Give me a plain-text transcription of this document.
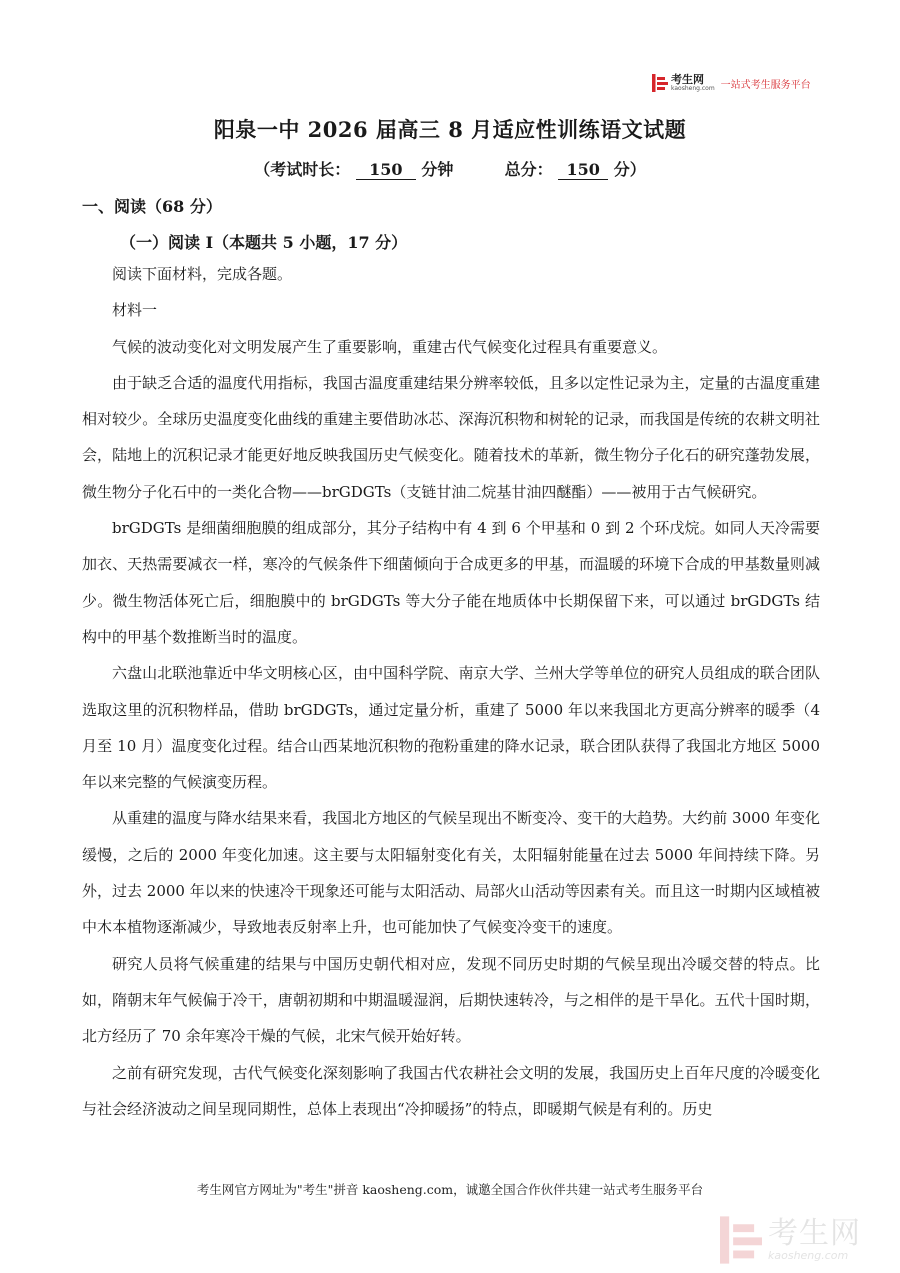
考生网
kaosheng.com 一站式考生服务平台
阳泉一中 2026 届高三 8 月适应性训练语文试题
（考试时长： 150 分钟	总分： 150 分）
一、阅读（68 分）
（一）阅读 I（本题共 5 小题，17 分）

阅读下面材料，完成各题。

材料一

气候的波动变化对文明发展产生了重要影响，重建古代气候变化过程具有重要意义。

由于缺乏合适的温度代用指标，我国古温度重建结果分辨率较低，且多以定性记录为主，定量的古温度重建相对较少。全球历史温度变化曲线的重建主要借助冰芯、深海沉积物和树轮的记录，而我国是传统的农耕文明社会，陆地上的沉积记录才能更好地反映我国历史气候变化。随着技术的革新，微生物分子化石的研究蓬勃发展，微生物分子化石中的一类化合物——brGDGTs（支链甘油二烷基甘油四醚酯）——被用于古气候研究。

brGDGTs 是细菌细胞膜的组成部分，其分子结构中有 4 到 6 个甲基和 0 到 2 个环戊烷。如同人天冷需要加衣、天热需要减衣一样，寒冷的气候条件下细菌倾向于合成更多的甲基，而温暖的环境下合成的甲基数量则减少。微生物活体死亡后，细胞膜中的 brGDGTs 等大分子能在地质体中长期保留下来，可以通过 brGDGTs 结构中的甲基个数推断当时的温度。

六盘山北联池靠近中华文明核心区，由中国科学院、南京大学、兰州大学等单位的研究人员组成的联合团队选取这里的沉积物样品，借助 brGDGTs，通过定量分析，重建了 5000 年以来我国北方更高分辨率的暖季（4 月至 10 月）温度变化过程。结合山西某地沉积物的孢粉重建的降水记录，联合团队获得了我国北方地区 5000 年以来完整的气候演变历程。

从重建的温度与降水结果来看，我国北方地区的气候呈现出不断变冷、变干的大趋势。大约前 3000 年变化缓慢，之后的 2000 年变化加速。这主要与太阳辐射变化有关，太阳辐射能量在过去 5000 年间持续下降。另外，过去 2000 年以来的快速冷干现象还可能与太阳活动、局部火山活动等因素有关。而且这一时期内区域植被中木本植物逐渐减少，导致地表反射率上升，也可能加快了气候变冷变干的速度。

研究人员将气候重建的结果与中国历史朝代相对应，发现不同历史时期的气候呈现出冷暖交替的特点。比如，隋朝末年气候偏于冷干，唐朝初期和中期温暖湿润，后期快速转冷，与之相伴的是干旱化。五代十国时期，北方经历了 70 余年寒冷干燥的气候，北宋气候开始好转。

之前有研究发现，古代气候变化深刻影响了我国古代农耕社会文明的发展，我国历史上百年尺度的冷暖变化与社会经济波动之间呈现同期性，总体上表现出“冷抑暖扬”的特点，即暖期气候是有利的。历史

考生网官方网址为"考生"拼音 kaosheng.com，诚邀全国合作伙伴共建一站式考生服务平台
考生网
kaosheng.com
